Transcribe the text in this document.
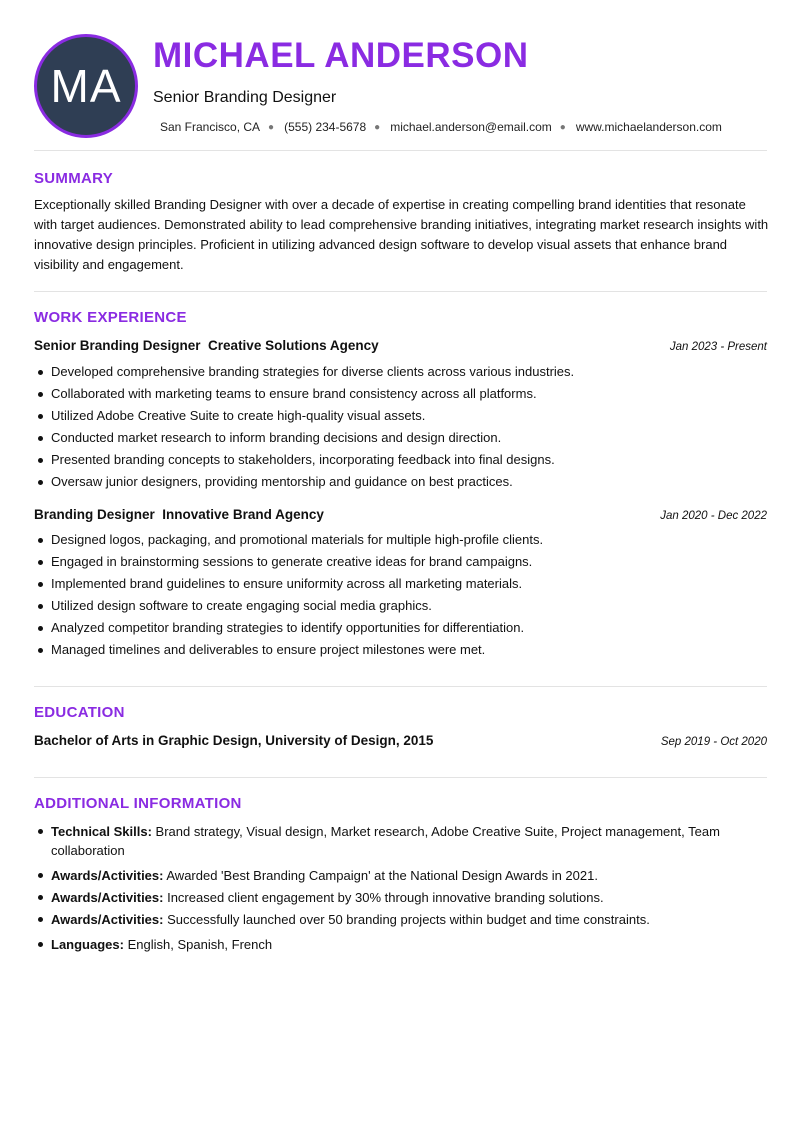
MA
MICHAEL ANDERSON
Senior Branding Designer
San Francisco, CA ● (555) 234-5678 ● michael.anderson@email.com ● www.michaelanderson.com
SUMMARY
Exceptionally skilled Branding Designer with over a decade of expertise in creating compelling brand identities that resonate with target audiences. Demonstrated ability to lead comprehensive branding initiatives, integrating market research insights with innovative design principles. Proficient in utilizing advanced design software to develop visual assets that enhance brand visibility and engagement.
WORK EXPERIENCE
Senior Branding Designer Creative Solutions Agency	Jan 2023 - Present
Developed comprehensive branding strategies for diverse clients across various industries.
Collaborated with marketing teams to ensure brand consistency across all platforms.
Utilized Adobe Creative Suite to create high-quality visual assets.
Conducted market research to inform branding decisions and design direction.
Presented branding concepts to stakeholders, incorporating feedback into final designs.
Oversaw junior designers, providing mentorship and guidance on best practices.
Branding Designer Innovative Brand Agency	Jan 2020 - Dec 2022
Designed logos, packaging, and promotional materials for multiple high-profile clients.
Engaged in brainstorming sessions to generate creative ideas for brand campaigns.
Implemented brand guidelines to ensure uniformity across all marketing materials.
Utilized design software to create engaging social media graphics.
Analyzed competitor branding strategies to identify opportunities for differentiation.
Managed timelines and deliverables to ensure project milestones were met.
EDUCATION
Bachelor of Arts in Graphic Design, University of Design, 2015	Sep 2019 - Oct 2020
ADDITIONAL INFORMATION
Technical Skills: Brand strategy, Visual design, Market research, Adobe Creative Suite, Project management, Team collaboration
Awards/Activities: Awarded 'Best Branding Campaign' at the National Design Awards in 2021.
Awards/Activities: Increased client engagement by 30% through innovative branding solutions.
Awards/Activities: Successfully launched over 50 branding projects within budget and time constraints.
Languages: English, Spanish, French
